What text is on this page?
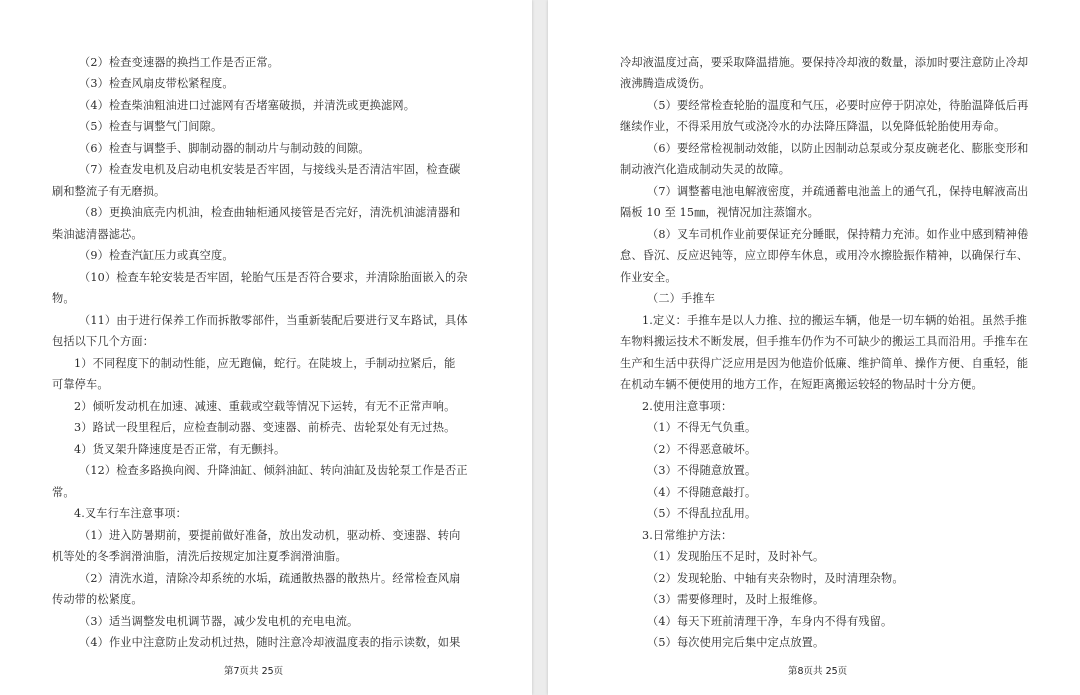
（2）检查变速器的换挡工作是否正常。
（3）检查风扇皮带松紧程度。
（4）检查柴油粗油进口过滤网有否堵塞破损，并清洗或更换滤网。
（5）检查与调整气门间隙。
（6）检查与调整手、脚制动器的制动片与制动鼓的间隙。
（7）检查发电机及启动电机安装是否牢固，与接线头是否清洁牢固，检查碳
刷和整流子有无磨损。
（8）更换油底壳内机油，检查曲轴柜通风接管是否完好，清洗机油滤清器和
柴油滤清器滤芯。
（9）检查汽缸压力或真空度。
（10）检查车轮安装是否牢固，轮胎气压是否符合要求，并清除胎面嵌入的杂
物。
（11）由于进行保养工作而拆散零部件，当重新装配后要进行叉车路试，具体
包括以下几个方面：
1）不同程度下的制动性能，应无跑偏，蛇行。在陡坡上，手制动拉紧后，能
可靠停车。
2）倾听发动机在加速、减速、重载或空载等情况下运转，有无不正常声响。
3）路试一段里程后，应检查制动器、变速器、前桥壳、齿轮泵处有无过热。
4）货叉架升降速度是否正常，有无颤抖。
（12）检查多路换向阀、升降油缸、倾斜油缸、转向油缸及齿轮泵工作是否正
常。
4.叉车行车注意事项：
（1）进入防暑期前，要提前做好准备，放出发动机，驱动桥、变速器、转向
机等处的冬季润滑油脂，清洗后按规定加注夏季润滑油脂。
（2）清洗水道，清除冷却系统的水垢，疏通散热器的散热片。经常检查风扇
传动带的松紧度。
（3）适当调整发电机调节器，减少发电机的充电电流。
（4）作业中注意防止发动机过热，随时注意冷却液温度表的指示读数，如果
第7页共 25页
冷却液温度过高，要采取降温措施。要保持冷却液的数量，添加时要注意防止冷却
液沸腾造成烫伤。
（5）要经常检查轮胎的温度和气压，必要时应停于阴凉处，待胎温降低后再
继续作业，不得采用放气或浇冷水的办法降压降温，以免降低轮胎使用寿命。
（6）要经常检视制动效能，以防止因制动总泵或分泵皮碗老化、膨胀变形和
制动液汽化造成制动失灵的故障。
（7）调整蓄电池电解液密度，并疏通蓄电池盖上的通气孔，保持电解液高出
隔板 10 至 15㎜，视情况加注蒸馏水。
（8）叉车司机作业前要保证充分睡眠，保持精力充沛。如作业中感到精神倦
怠、昏沉、反应迟钝等，应立即停车休息，或用冷水擦脸振作精神，以确保行车、
作业安全。
（二）手推车
1.定义：手推车是以人力推、拉的搬运车辆，他是一切车辆的始祖。虽然手推
车物料搬运技术不断发展，但手推车仍作为不可缺少的搬运工具而沿用。手推车在
生产和生活中获得广泛应用是因为他造价低廉、维护简单、操作方便、自重轻，能
在机动车辆不便使用的地方工作，在短距离搬运较轻的物品时十分方便。
2.使用注意事项：
（1）不得无气负重。
（2）不得恶意破坏。
（3）不得随意放置。
（4）不得随意敲打。
（5）不得乱拉乱用。
3.日常维护方法：
（1）发现胎压不足时，及时补气。
（2）发现轮胎、中轴有夹杂物时，及时清理杂物。
（3）需要修理时，及时上报维修。
（4）每天下班前清理干净，车身内不得有残留。
（5）每次使用完后集中定点放置。
第8页共 25页
